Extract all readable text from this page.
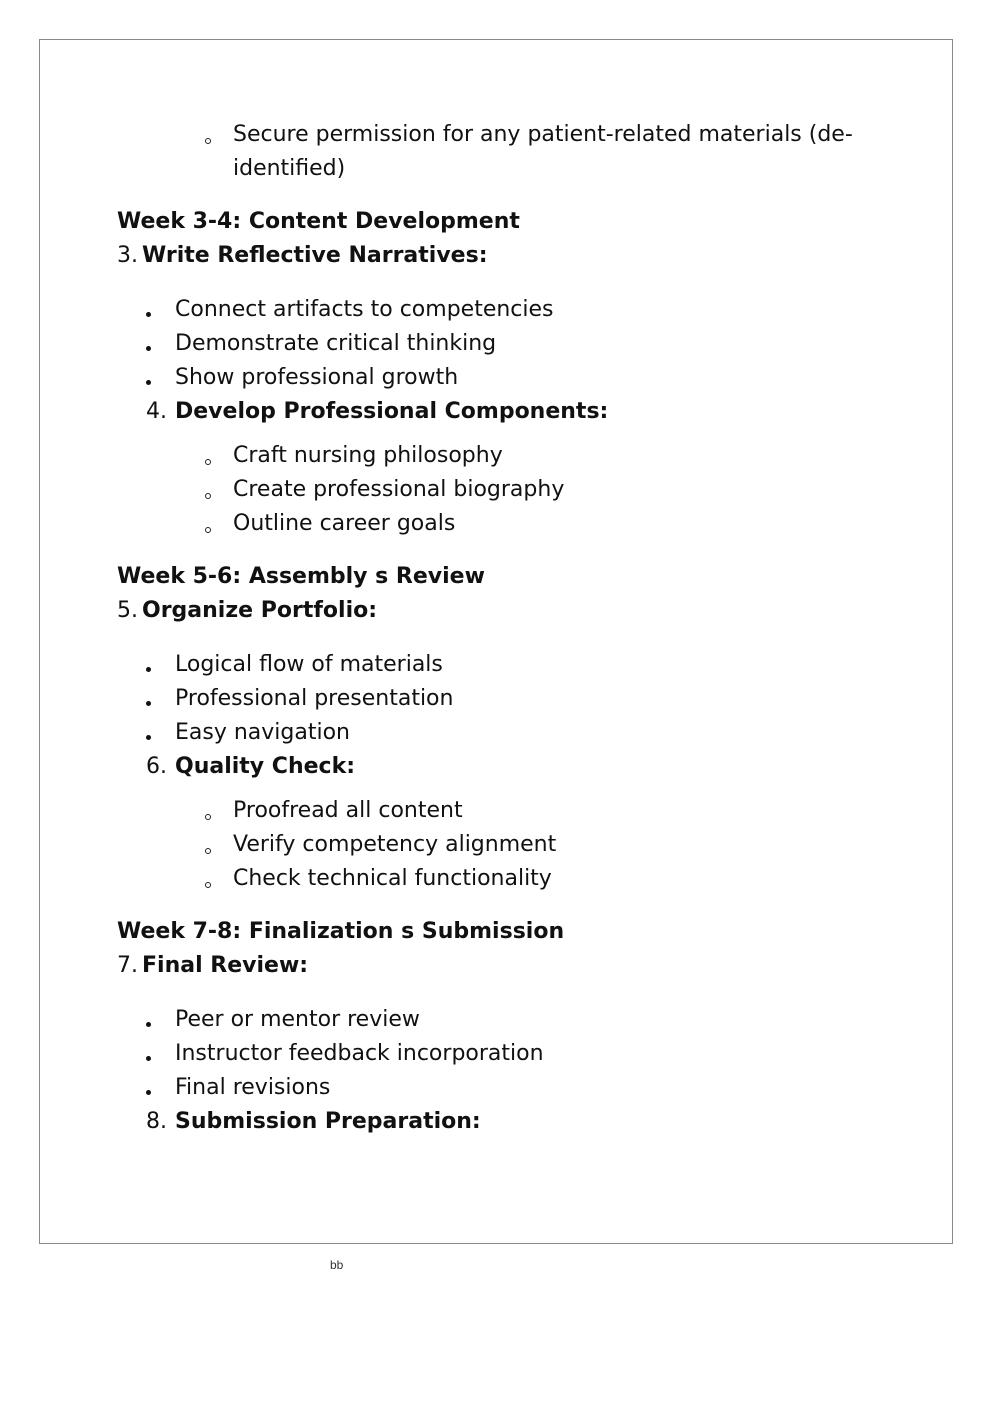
Secure permission for any patient-related materials (de-
identified)
Week 3-4: Content Development
3. Write Reflective Narratives:
Connect artifacts to competencies
Demonstrate critical thinking
Show professional growth
4. Develop Professional Components:
Craft nursing philosophy
Create professional biography
Outline career goals
Week 5-6: Assembly s Review
5. Organize Portfolio:
Logical flow of materials
Professional presentation
Easy navigation
6. Quality Check:
Proofread all content
Verify competency alignment
Check technical functionality
Week 7-8: Finalization s Submission
7. Final Review:
Peer or mentor review
Instructor feedback incorporation
Final revisions
8. Submission Preparation:
bb
